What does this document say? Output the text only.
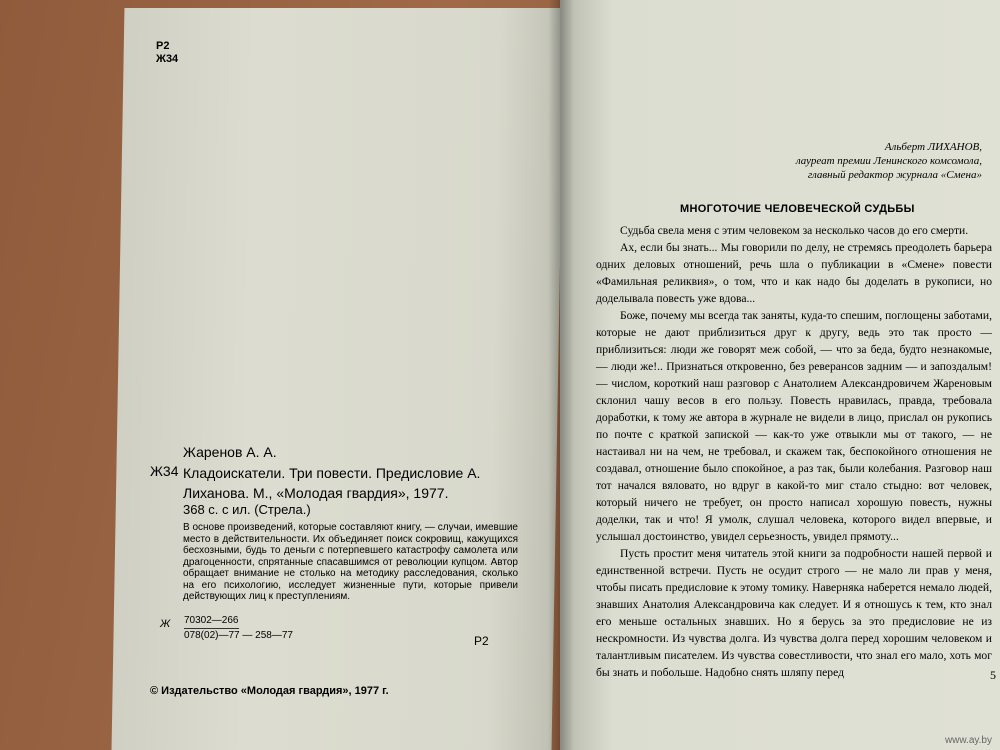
Р2
Ж34
Жаренов А. А.
Ж34 Кладоискатели. Три повести. Предисловие А. Лиханова. М., «Молодая гвардия», 1977.
368 с. с ил. (Стрела.)
В основе произведений, которые составляют книгу, — случаи, имевшие место в действительности. Их объединяет поиск сокровищ, кажущихся бесхозными, будь то деньги с потерпевшего катастрофу самолета или драгоценности, спрятанные спасавшимся от революции купцом. Автор обращает внимание не столько на методику расследования, сколько на его психологию, исследует жизненные пути, которые привели действующих лиц к преступлениям.
Ж 70302—266
078(02)—77 — 258—77	Р2
© Издательство «Молодая гвардия», 1977 г.
Альберт ЛИХАНОВ,
лауреат премии Ленинского комсомола,
главный редактор журнала «Смена»
МНОГОТОЧИЕ ЧЕЛОВЕЧЕСКОЙ СУДЬБЫ

Судьба свела меня с этим человеком за несколько часов до его смерти.

Ах, если бы знать... Мы говорили по делу, не стремясь преодолеть барьера одних деловых отношений, речь шла о публикации в «Смене» повести «Фамильная реликвия», о том, что и как надо бы доделать в рукописи, но доделывала повесть уже вдова...

Боже, почему мы всегда так заняты, куда-то спешим, поглощены заботами, которые не дают приблизиться друг к другу, ведь это так просто — приблизиться: люди же говорят меж собой, — что за беда, будто незнакомые, — люди же!.. Признаться откровенно, без реверансов задним — и запоздалым! — числом, короткий наш разговор с Анатолием Александровичем Жареновым склонил чашу весов в его пользу. Повесть нравилась, правда, требовала доработки, к тому же автора в журнале не видели в лицо, прислал он рукопись по почте с краткой запиской — как-то уже отвыкли мы от такого, — не настаивал ни на чем, не требовал, и скажем так, беспокойного отношения не создавал, отношение было спокойное, а раз так, были колебания. Разговор наш тот начался вяловато, но вдруг в какой-то миг стало стыдно: вот человек, который ничего не требует, он просто написал хорошую повесть, нужны доделки, так и что! Я умолк, слушал человека, которого видел впервые, и услышал достоинство, увидел серьезность, увидел прямоту...

Пусть простит меня читатель этой книги за подробности нашей первой и единственной встречи. Пусть не осудит строго — не мало ли прав у меня, чтобы писать предисловие к этому томику. Наверняка наберется немало людей, знавших Анатолия Александровича как следует. И я отношусь к тем, кто знал его меньше остальных знавших. Но я берусь за это предисловие не из нескромности. Из чувства долга. Из чувства долга перед хорошим человеком и талантливым писателем. Из чувства совестливости, что знал его мало, хоть мог бы знать и побольше. Надобно снять шляпу перед	5
www.ay.by
